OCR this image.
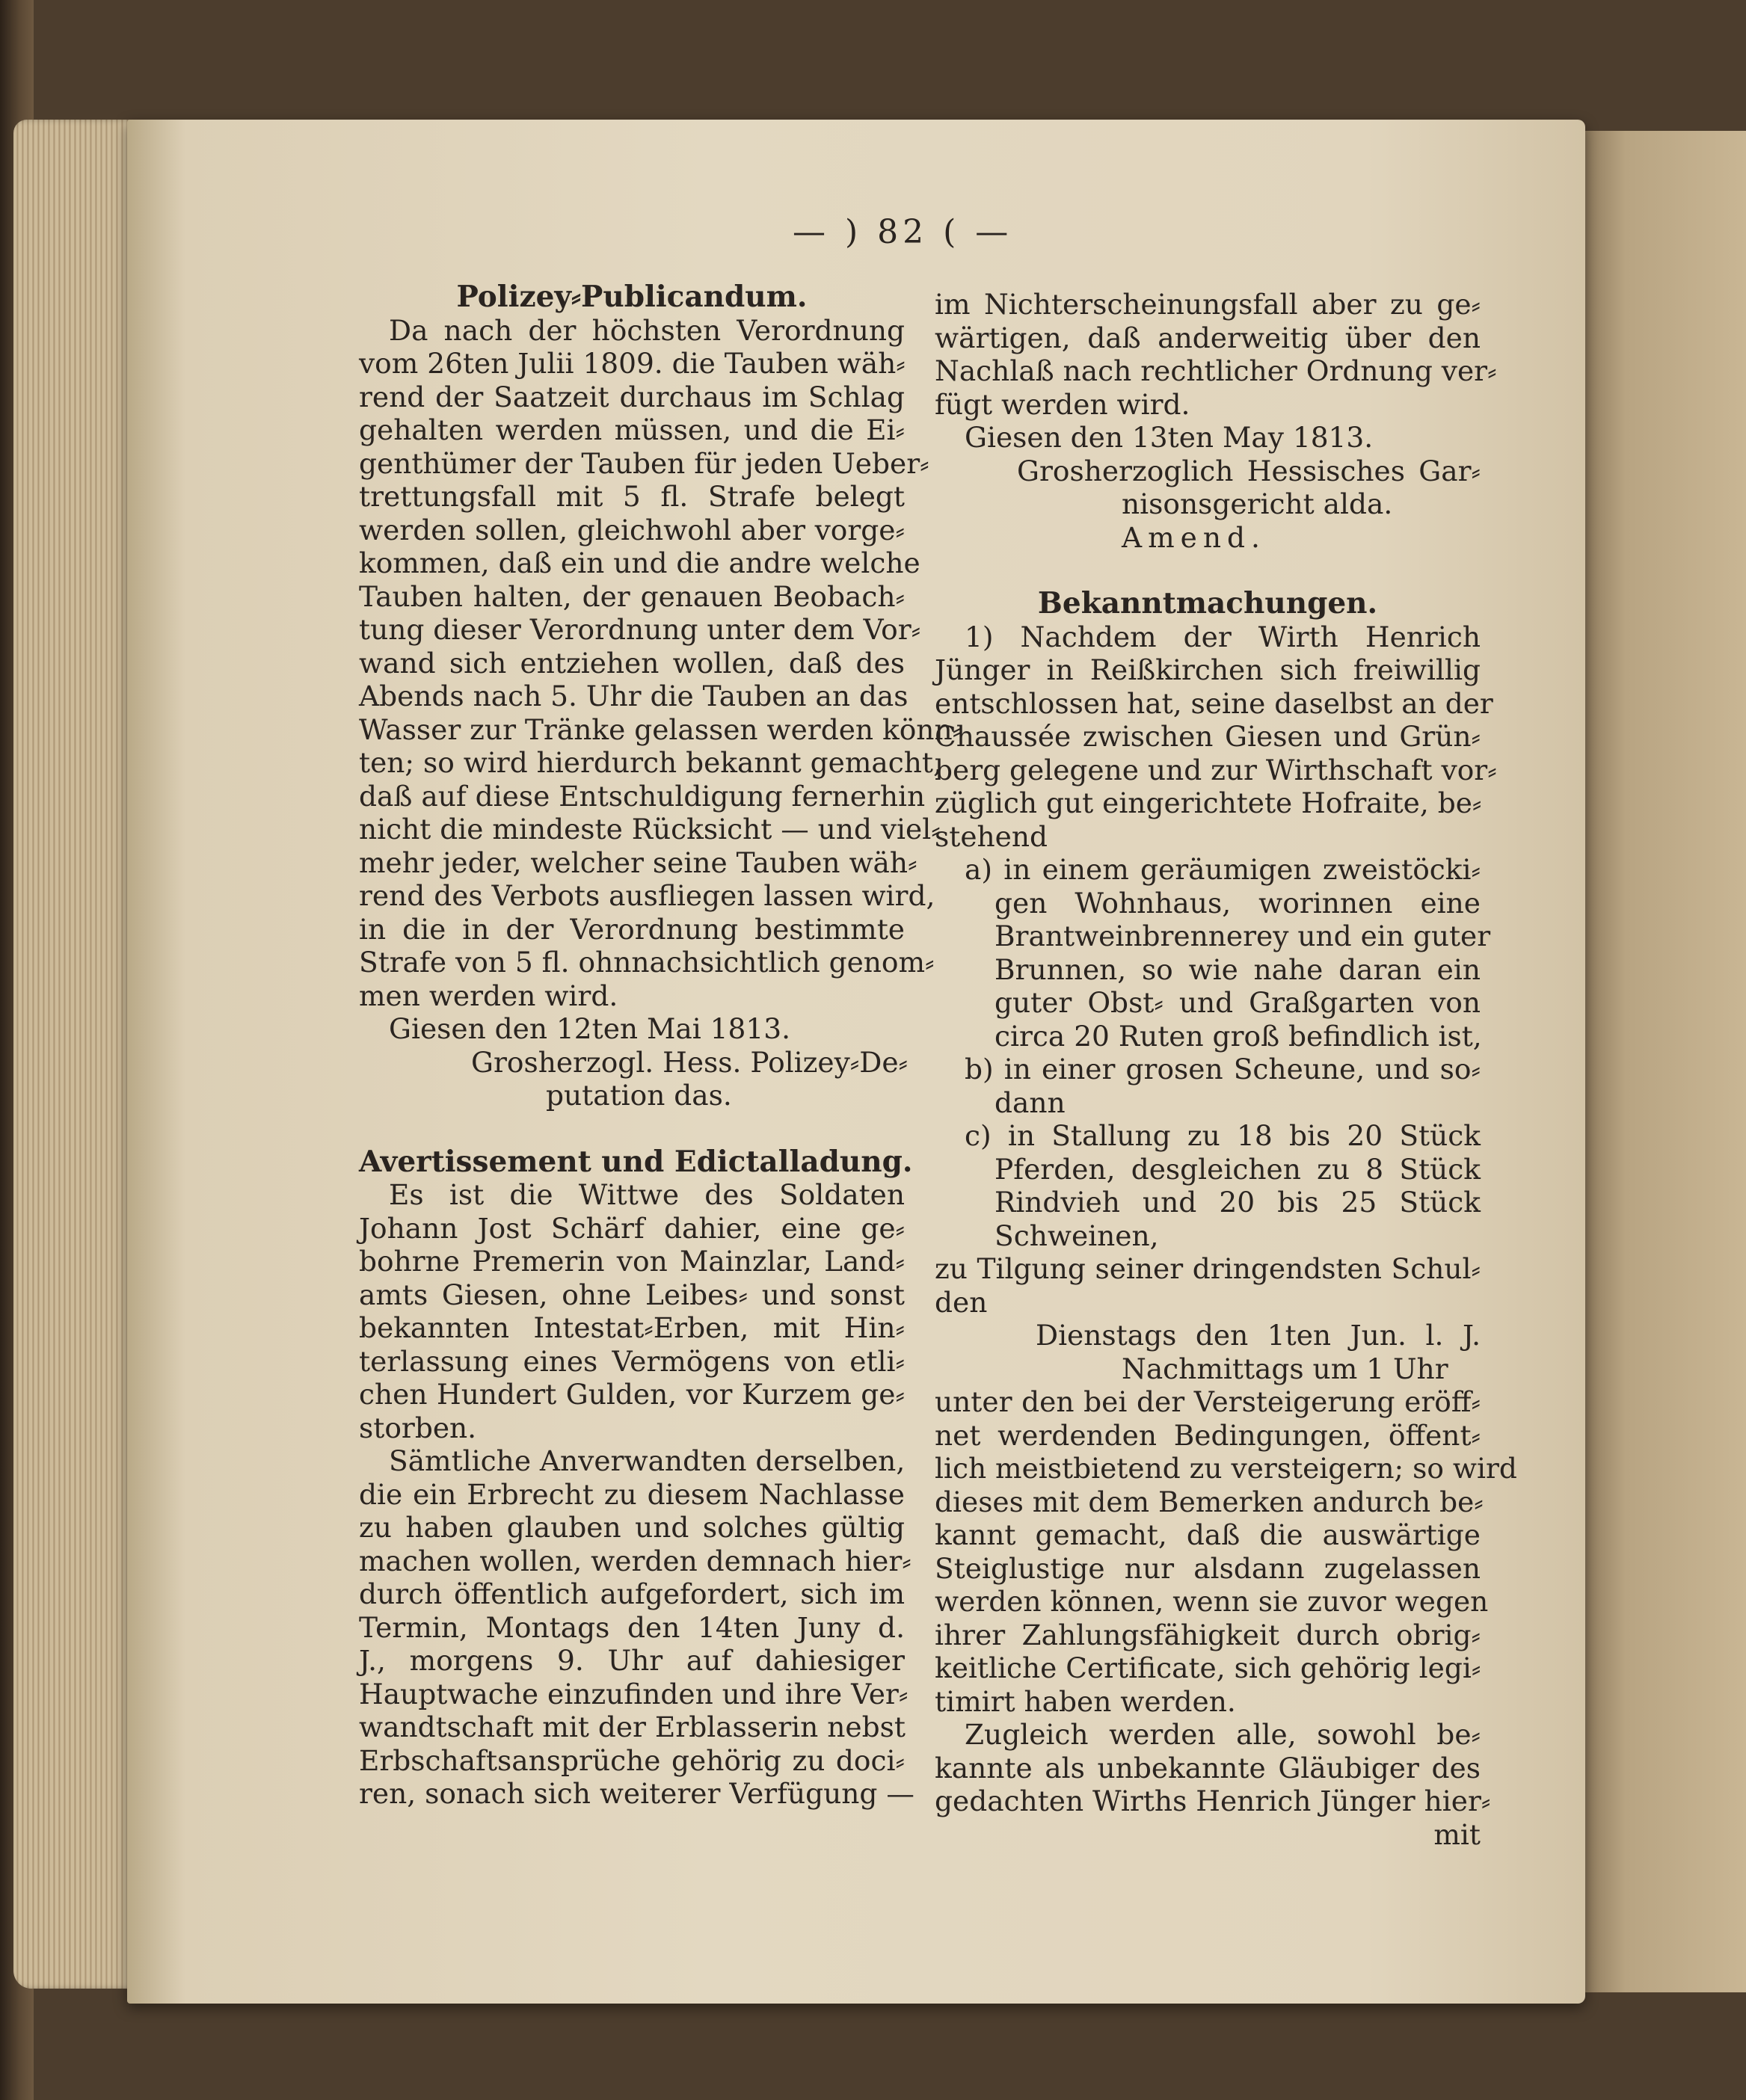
— ) 82 ( —
Polizey⸗Publicandum.
Da nach der höchsten Verordnung
vom 26ten Julii 1809. die Tauben wäh⸗
rend der Saatzeit durchaus im Schlag
gehalten werden müssen, und die Ei⸗
genthümer der Tauben für jeden Ueber⸗
trettungsfall mit 5 fl. Strafe belegt
werden sollen, gleichwohl aber vorge⸗
kommen, daß ein und die andre welche
Tauben halten, der genauen Beobach⸗
tung dieser Verordnung unter dem Vor⸗
wand sich entziehen wollen, daß des
Abends nach 5. Uhr die Tauben an das
Wasser zur Tränke gelassen werden könn⸗
ten; so wird hierdurch bekannt gemacht,
daß auf diese Entschuldigung fernerhin
nicht die mindeste Rücksicht — und viel⸗
mehr jeder, welcher seine Tauben wäh⸗
rend des Verbots ausfliegen lassen wird,
in die in der Verordnung bestimmte
Strafe von 5 fl. ohnnachsichtlich genom⸗
men werden wird.
Giesen den 12ten Mai 1813.
Grosherzogl. Hess. Polizey⸗De⸗
putation das.
Avertissement und Edictalladung.
Es ist die Wittwe des Soldaten
Johann Jost Schärf dahier, eine ge⸗
bohrne Premerin von Mainzlar, Land⸗
amts Giesen, ohne Leibes⸗ und sonst
bekannten Intestat⸗Erben, mit Hin⸗
terlassung eines Vermögens von etli⸗
chen Hundert Gulden, vor Kurzem ge⸗
storben.
Sämtliche Anverwandten derselben,
die ein Erbrecht zu diesem Nachlasse
zu haben glauben und solches gültig
machen wollen, werden demnach hier⸗
durch öffentlich aufgefordert, sich im
Termin, Montags den 14ten Juny d.
J., morgens 9. Uhr auf dahiesiger
Hauptwache einzufinden und ihre Ver⸗
wandtschaft mit der Erblasserin nebst
Erbschaftsansprüche gehörig zu doci⸗
ren, sonach sich weiterer Verfügung —
im Nichterscheinungsfall aber zu ge⸗
wärtigen, daß anderweitig über den
Nachlaß nach rechtlicher Ordnung ver⸗
fügt werden wird.
Giesen den 13ten May 1813.
Grosherzoglich Hessisches Gar⸗
nisonsgericht alda.
Amend.
Bekanntmachungen.
1) Nachdem der Wirth Henrich
Jünger in Reißkirchen sich freiwillig
entschlossen hat, seine daselbst an der
Chaussée zwischen Giesen und Grün⸗
berg gelegene und zur Wirthschaft vor⸗
züglich gut eingerichtete Hofraite, be⸗
stehend
a) in einem geräumigen zweistöcki⸗
gen Wohnhaus, worinnen eine
Brantweinbrennerey und ein guter
Brunnen, so wie nahe daran ein
guter Obst⸗ und Graßgarten von
circa 20 Ruten groß befindlich ist,
b) in einer grosen Scheune, und so⸗
dann
c) in Stallung zu 18 bis 20 Stück
Pferden, desgleichen zu 8 Stück
Rindvieh und 20 bis 25 Stück
Schweinen,
zu Tilgung seiner dringendsten Schul⸗
den
Dienstags den 1ten Jun. l. J.
Nachmittags um 1 Uhr
unter den bei der Versteigerung eröff⸗
net werdenden Bedingungen, öffent⸗
lich meistbietend zu versteigern; so wird
dieses mit dem Bemerken andurch be⸗
kannt gemacht, daß die auswärtige
Steiglustige nur alsdann zugelassen
werden können, wenn sie zuvor wegen
ihrer Zahlungsfähigkeit durch obrig⸗
keitliche Certificate, sich gehörig legi⸗
timirt haben werden.
Zugleich werden alle, sowohl be⸗
kannte als unbekannte Gläubiger des
gedachten Wirths Henrich Jünger hier⸗
mit
